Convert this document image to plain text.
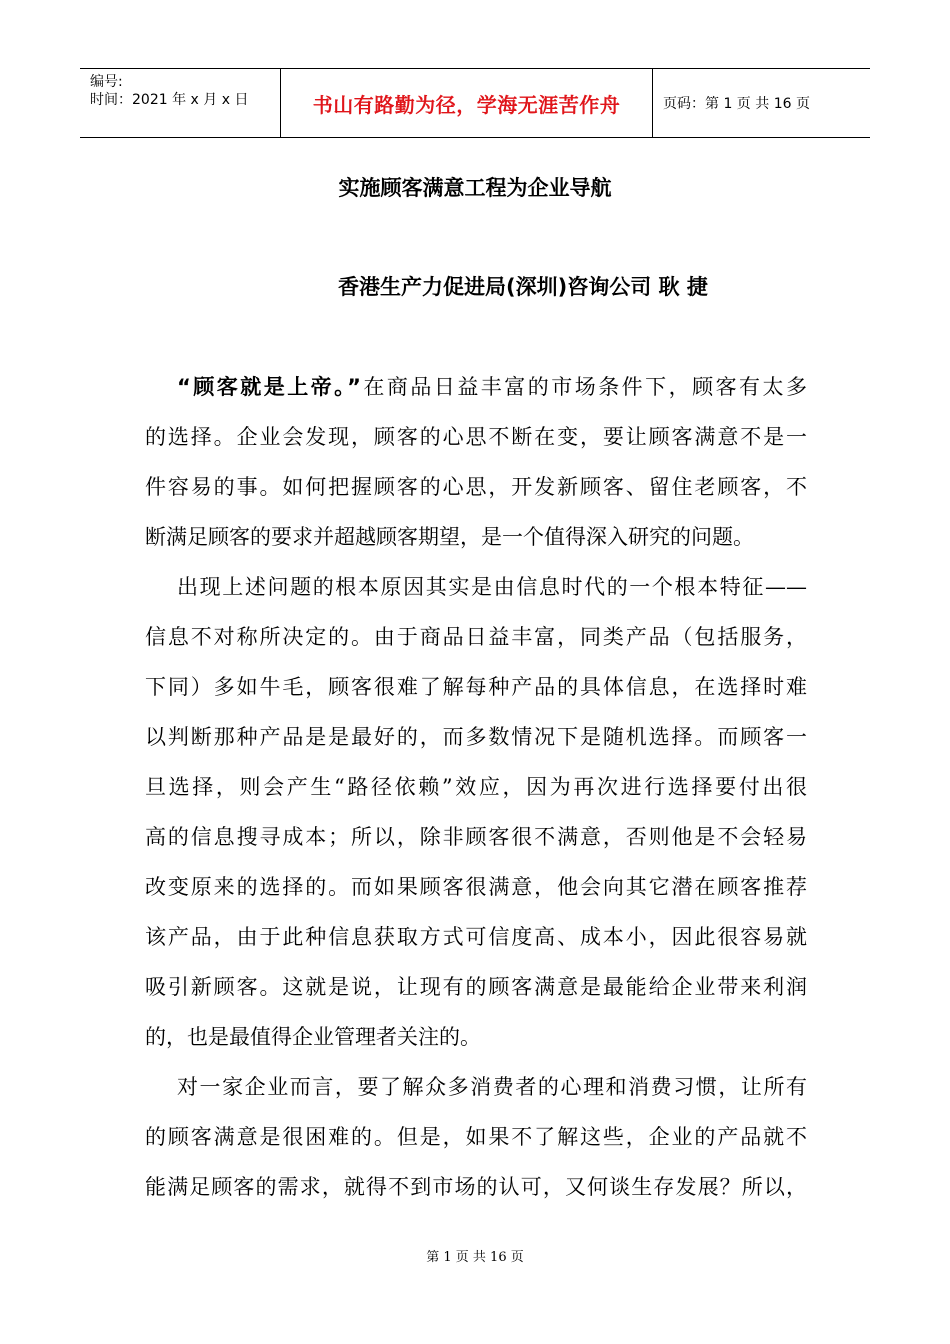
编号:
时间：2021 年 x 月 x 日	书山有路勤为径，学海无涯苦作舟	页码：第 1 页 共 16 页
实施顾客满意工程为企业导航
香港生产力促进局(深圳)咨询公司 耿 捷
“顾客就是上帝。”在商品日益丰富的市场条件下，顾客有太多
的选择。企业会发现，顾客的心思不断在变，要让顾客满意不是一
件容易的事。如何把握顾客的心思，开发新顾客、留住老顾客，不
断满足顾客的要求并超越顾客期望，是一个值得深入研究的问题。
出现上述问题的根本原因其实是由信息时代的一个根本特征——
信息不对称所决定的。由于商品日益丰富，同类产品（包括服务，
下同）多如牛毛，顾客很难了解每种产品的具体信息，在选择时难
以判断那种产品是是最好的，而多数情况下是随机选择。而顾客一
旦选择，则会产生“路径依赖”效应，因为再次进行选择要付出很
高的信息搜寻成本；所以，除非顾客很不满意，否则他是不会轻易
改变原来的选择的。而如果顾客很满意，他会向其它潜在顾客推荐
该产品，由于此种信息获取方式可信度高、成本小，因此很容易就
吸引新顾客。这就是说，让现有的顾客满意是最能给企业带来利润
的，也是最值得企业管理者关注的。
对一家企业而言，要了解众多消费者的心理和消费习惯，让所有
的顾客满意是很困难的。但是，如果不了解这些，企业的产品就不
能满足顾客的需求，就得不到市场的认可，又何谈生存发展？所以，
第 1 页 共 16 页
